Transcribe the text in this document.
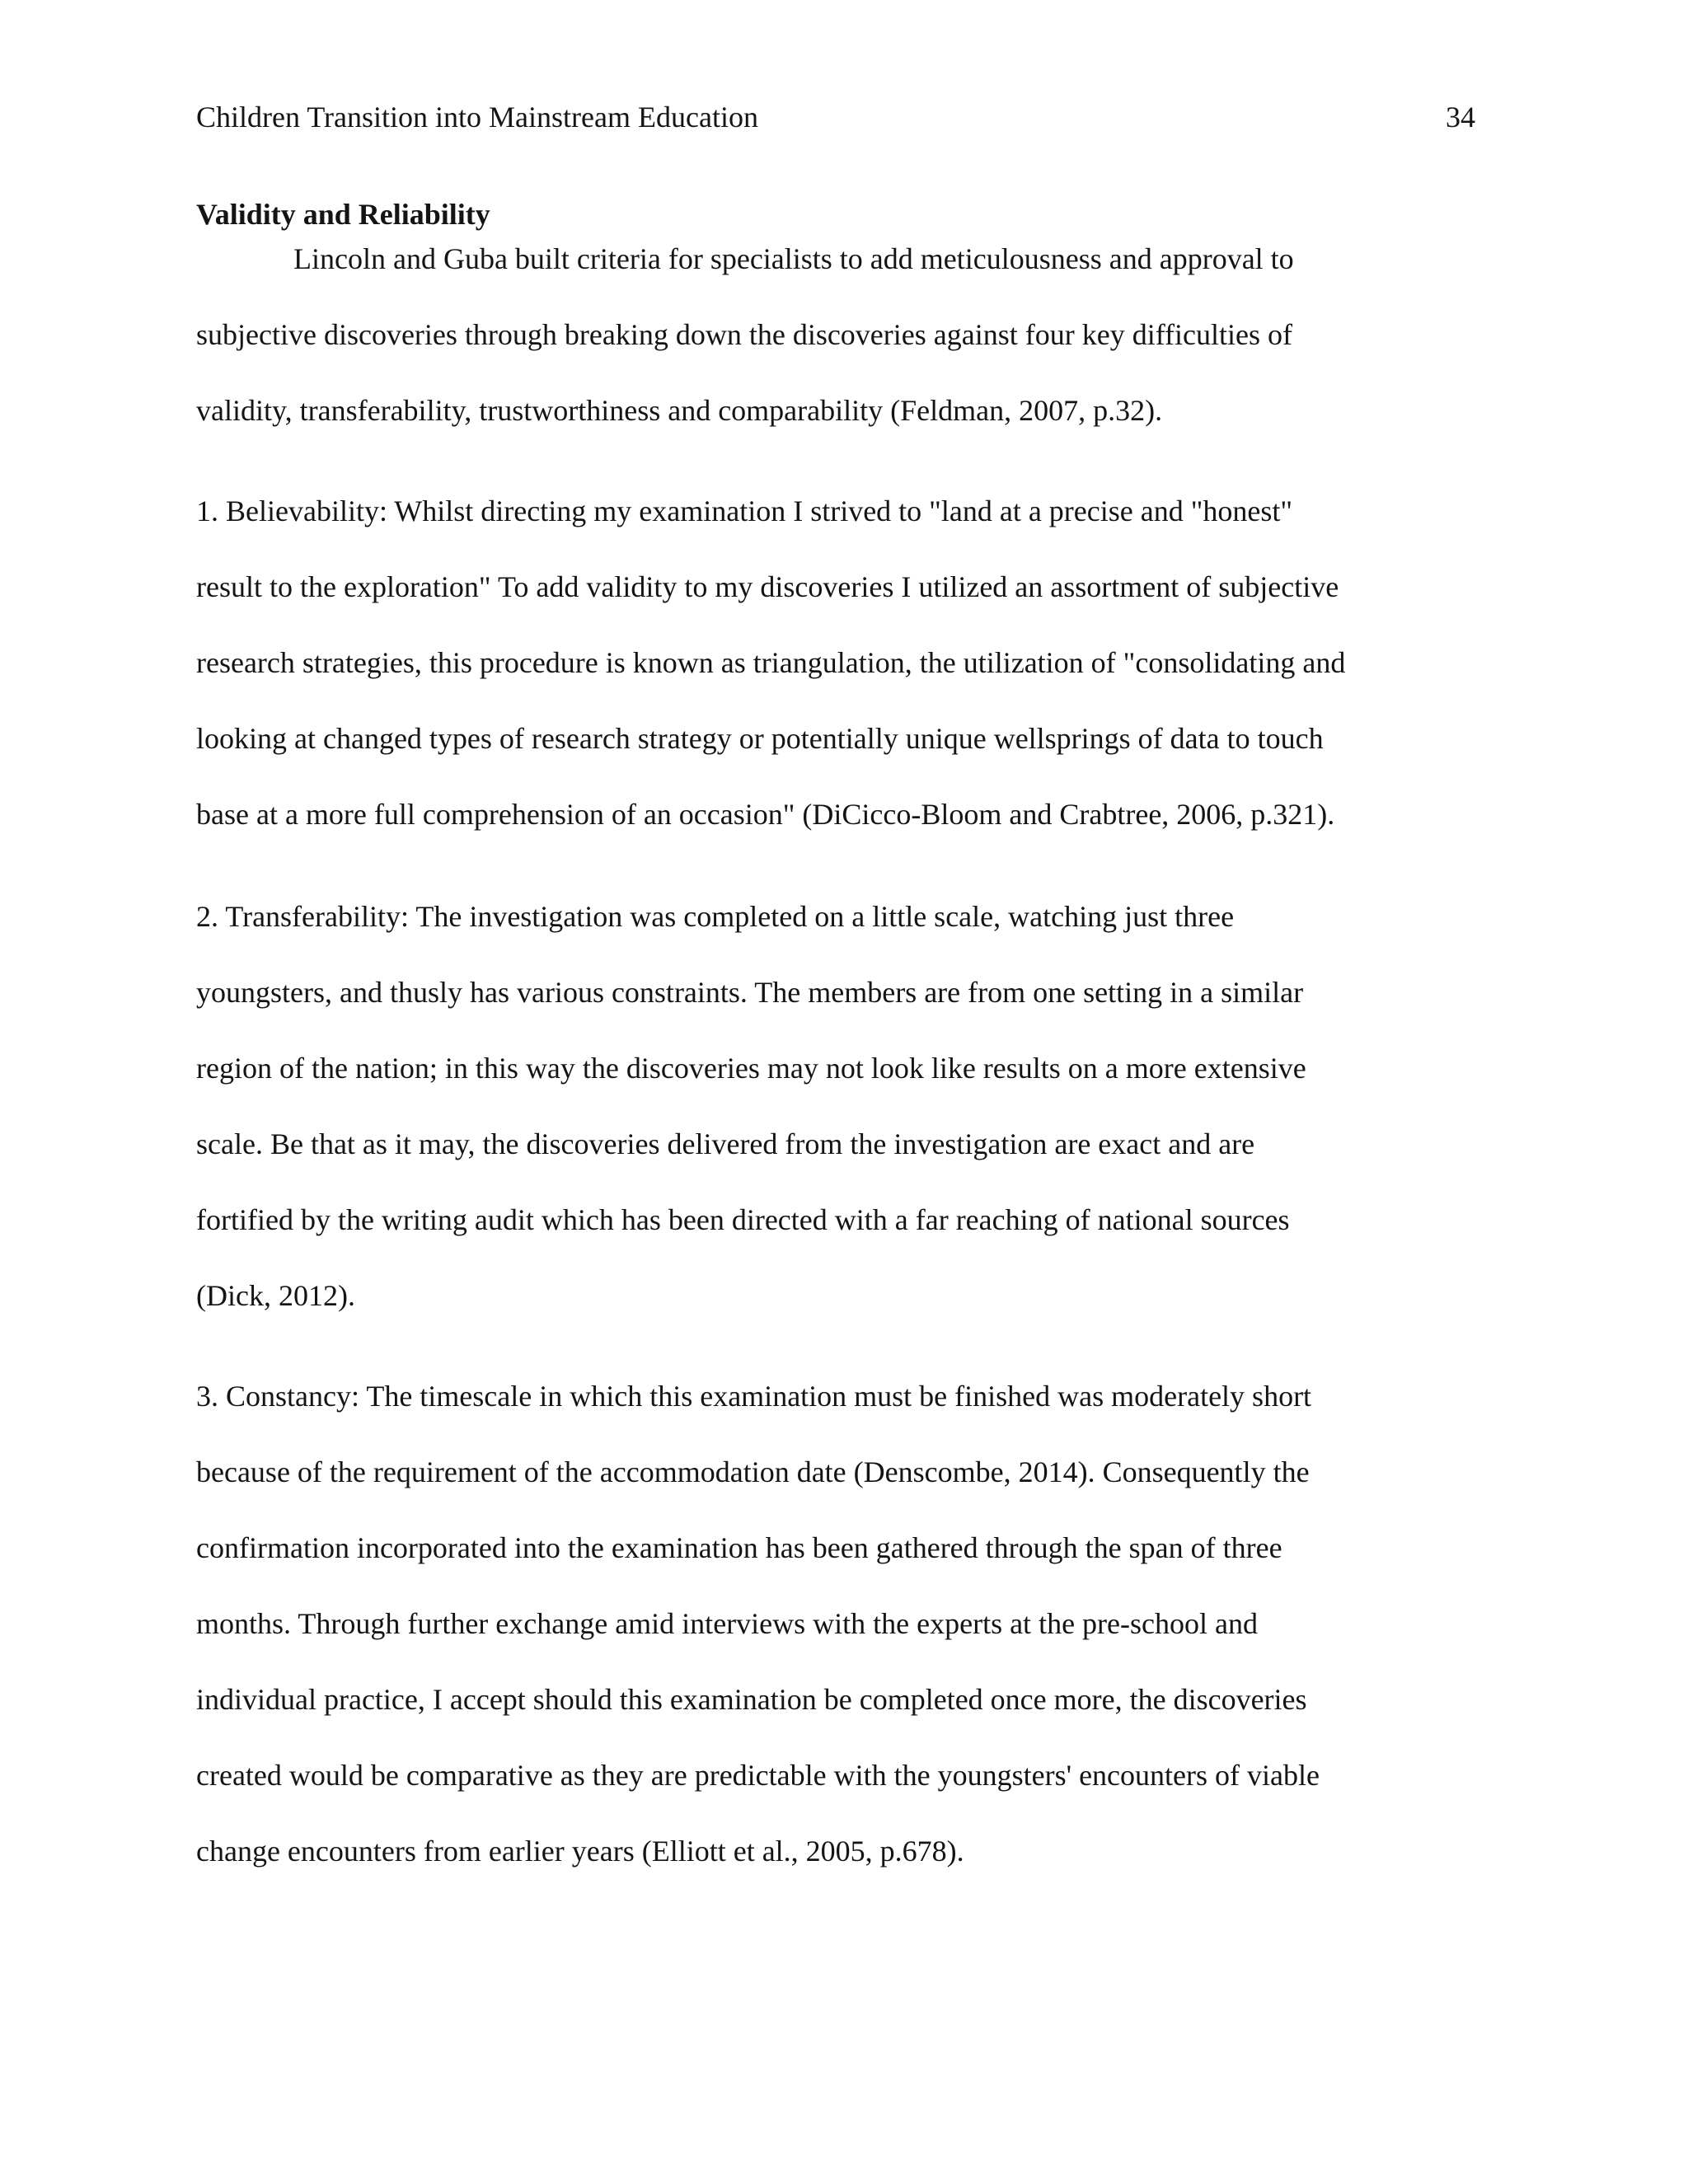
Children Transition into Mainstream Education	34
Validity and Reliability
Lincoln and Guba built criteria for specialists to add meticulousness and approval to
subjective discoveries through breaking down the discoveries against four key difficulties of
validity, transferability, trustworthiness and comparability (Feldman, 2007, p.32).
1. Believability: Whilst directing my examination I strived to "land at a precise and "honest"
result to the exploration" To add validity to my discoveries I utilized an assortment of subjective
research strategies, this procedure is known as triangulation, the utilization of "consolidating and
looking at changed types of research strategy or potentially unique wellsprings of data to touch
base at a more full comprehension of an occasion" (DiCicco-Bloom and Crabtree, 2006, p.321).
2. Transferability: The investigation was completed on a little scale, watching just three
youngsters, and thusly has various constraints. The members are from one setting in a similar
region of the nation; in this way the discoveries may not look like results on a more extensive
scale. Be that as it may, the discoveries delivered from the investigation are exact and are
fortified by the writing audit which has been directed with a far reaching of national sources
(Dick, 2012).
3. Constancy: The timescale in which this examination must be finished was moderately short
because of the requirement of the accommodation date (Denscombe, 2014). Consequently the
confirmation incorporated into the examination has been gathered through the span of three
months. Through further exchange amid interviews with the experts at the pre-school and
individual practice, I accept should this examination be completed once more, the discoveries
created would be comparative as they are predictable with the youngsters' encounters of viable
change encounters from earlier years (Elliott et al., 2005, p.678).
